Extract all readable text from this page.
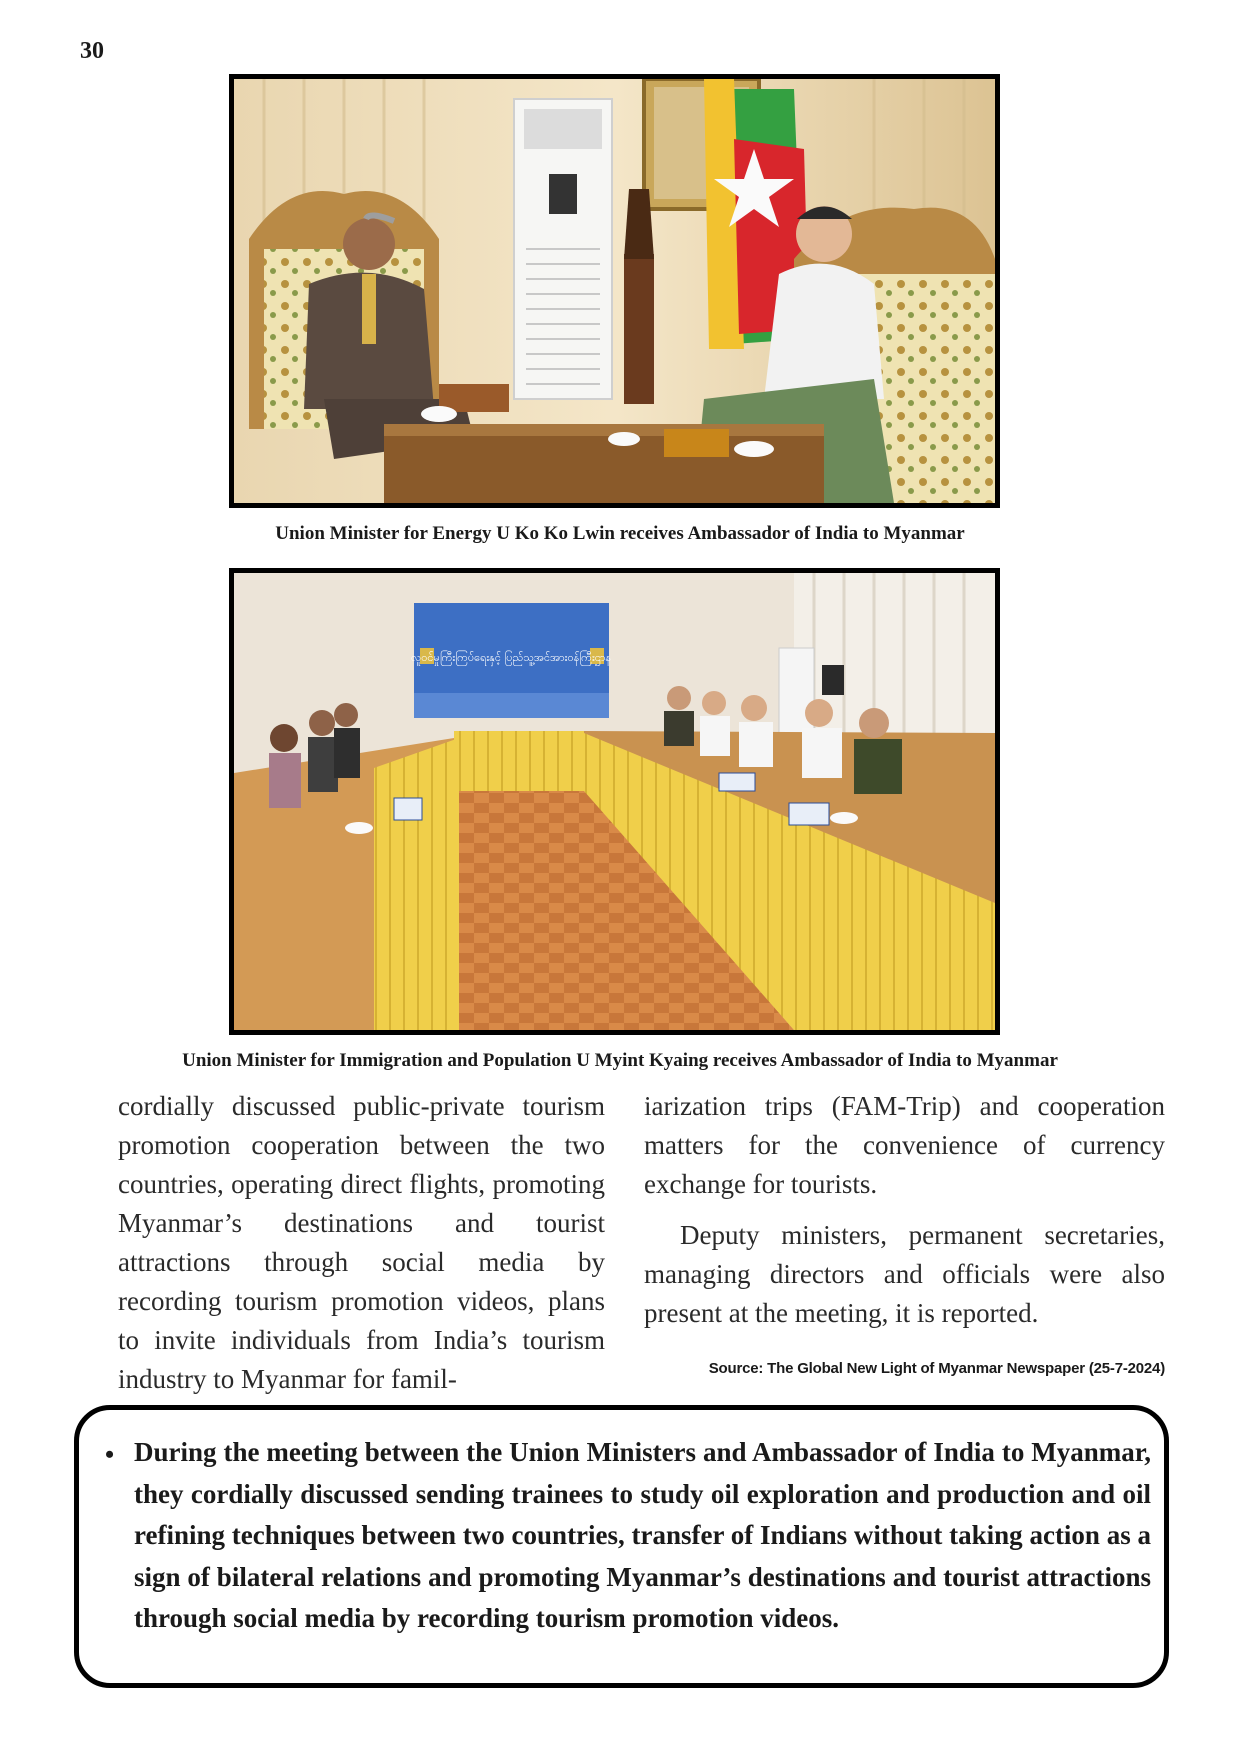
30
Union Minister for Energy U Ko Ko Lwin receives Ambassador of India to Myanmar
လူဝင်မှုကြီးကြပ်ရေးနှင့် ပြည်သူ့အင်အားဝန်ကြီးဌာန
Union Minister for Immigration and Population U Myint Kyaing receives Ambassador of India to Myanmar

cordially discussed public-private tourism promotion cooperation between the two countries, operating direct flights, promoting Myanmar’s destinations and tourist attractions through social media by recording tourism promotion videos, plans to invite individuals from India’s tourism industry to Myanmar for famil-

iarization trips (FAM-Trip) and cooperation matters for the convenience of currency exchange for tourists.

Deputy ministers, permanent secretaries, managing directors and officials were also present at the meeting, it is reported.

Source: The Global New Light of Myanmar Newspaper (25-7-2024)
• During the meeting between the Union Ministers and Ambassador of India to Myanmar, they cordially discussed sending trainees to study oil exploration and production and oil refining techniques between two countries, transfer of Indians without taking action as a sign of bilateral relations and promoting Myanmar’s destinations and tourist attractions through social media by recording tourism promotion videos.
